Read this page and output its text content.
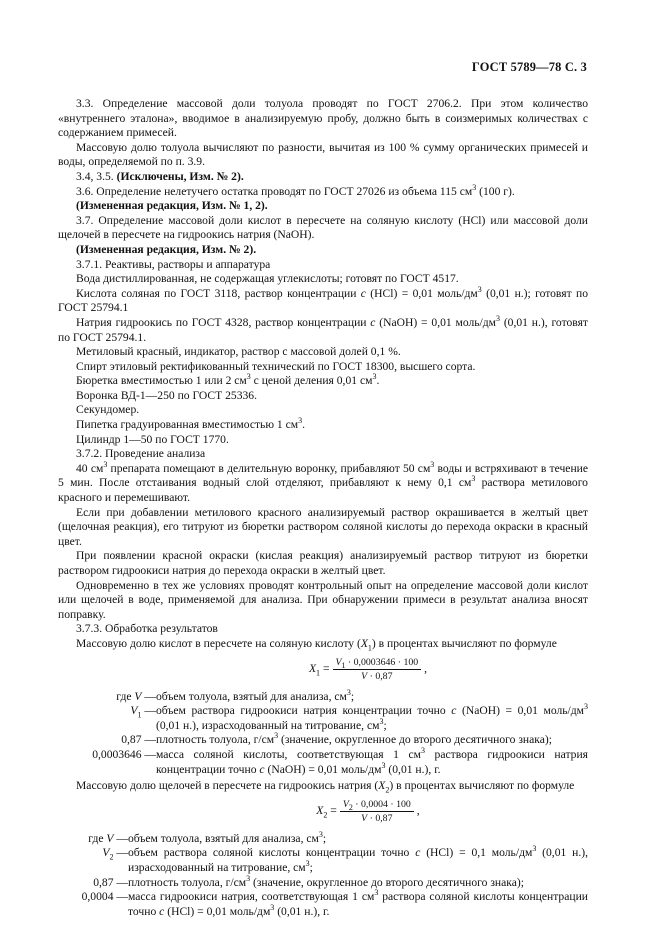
ГОСТ 5789—78 С. 3

3.3. Определение массовой доли толуола проводят по ГОСТ 2706.2. При этом количество «внутреннего эталона», вводимое в анализируемую пробу, должно быть в соизмеримых количествах с содержанием примесей.

Массовую долю толуола вычисляют по разности, вычитая из 100 % сумму органических примесей и воды, определяемой по п. 3.9.

3.4, 3.5. (Исключены, Изм. № 2).

3.6. Определение нелетучего остатка проводят по ГОСТ 27026 из объема 115 $см^3$ (100 г).

(Измененная редакция, Изм. № 1, 2).

3.7. Определение массовой доли кислот в пересчете на соляную кислоту (HCl) или массовой доли щелочей в пересчете на гидроокись натрия (NaOH).

(Измененная редакция, Изм. № 2).

3.7.1. Реактивы, растворы и аппаратура

Вода дистиллированная, не содержащая углекислоты; готовят по ГОСТ 4517.

Кислота соляная по ГОСТ 3118, раствор концентрации c (HCl) = 0,01 моль/$дм^3$ (0,01 н.); готовят по ГОСТ 25794.1

Натрия гидроокись по ГОСТ 4328, раствор концентрации c (NaOH) = 0,01 моль/$дм^3$ (0,01 н.), готовят по ГОСТ 25794.1.

Метиловый красный, индикатор, раствор с массовой долей 0,1 %.

Спирт этиловый ректификованный технический по ГОСТ 18300, высшего сорта.

Бюретка вместимостью 1 или 2 $см^3$ с ценой деления 0,01 $см^3$.

Воронка ВД-1—250 по ГОСТ 25336.

Секундомер.

Пипетка градуированная вместимостью 1 $см^3$.

Цилиндр 1—50 по ГОСТ 1770.

3.7.2. Проведение анализа

40 $см^3$ препарата помещают в делительную воронку, прибавляют 50 $см^3$ воды и встряхивают в течение 5 мин. После отстаивания водный слой отделяют, прибавляют к нему 0,1 $см^3$ раствора метилового красного и перемешивают.

Если при добавлении метилового красного анализируемый раствор окрашивается в желтый цвет (щелочная реакция), его титруют из бюретки раствором соляной кислоты до перехода окраски в красный цвет.

При появлении красной окраски (кислая реакция) анализируемый раствор титруют из бюретки раствором гидроокиси натрия до перехода окраски в желтый цвет.

Одновременно в тех же условиях проводят контрольный опыт на определение массовой доли кислот или щелочей в воде, применяемой для анализа. При обнаружении примеси в результат анализа вносят поправку.

3.7.3. Обработка результатов

Массовую долю кислот в пересчете на соляную кислоту $(X_1)$ в процентах вычисляют по формуле

$X_1 = \frac{V_1 \cdot 0,0003646 \cdot 100}{V \cdot 0,87}$ ,
где V — объем толуола, взятый для анализа, $см^3$;
$V_1$ — объем раствора гидроокиси натрия концентрации точно c (NaOH) = 0,01 моль/$дм^3$ (0,01 н.), израсходованный на титрование, $см^3$;
0,87 — плотность толуола, $г/см^3$ (значение, округленное до второго десятичного знака);
0,0003646 — масса соляной кислоты, соответствующая 1 $см^3$ раствора гидроокиси натрия концентрации точно c (NaOH) = 0,01 моль/$дм^3$ (0,01 н.), г.

Массовую долю щелочей в пересчете на гидроокись натрия $(X_2)$ в процентах вычисляют по формуле

$X_2 = \frac{V_2 \cdot 0,0004 \cdot 100}{V \cdot 0,87}$ ,
где V — объем толуола, взятый для анализа, $см^3$;
$V_2$ — объем раствора соляной кислоты концентрации точно c (HCl) = 0,1 моль/$дм^3$ (0,01 н.), израсходованный на титрование, $см^3$;
0,87 — плотность толуола, $г/см^3$ (значение, округленное до второго десятичного знака);
0,0004 — масса гидроокиси натрия, соответствующая 1 $см^3$ раствора соляной кислоты концентрации точно c (HCl) = 0,01 моль/$дм^3$ (0,01 н.), г.
